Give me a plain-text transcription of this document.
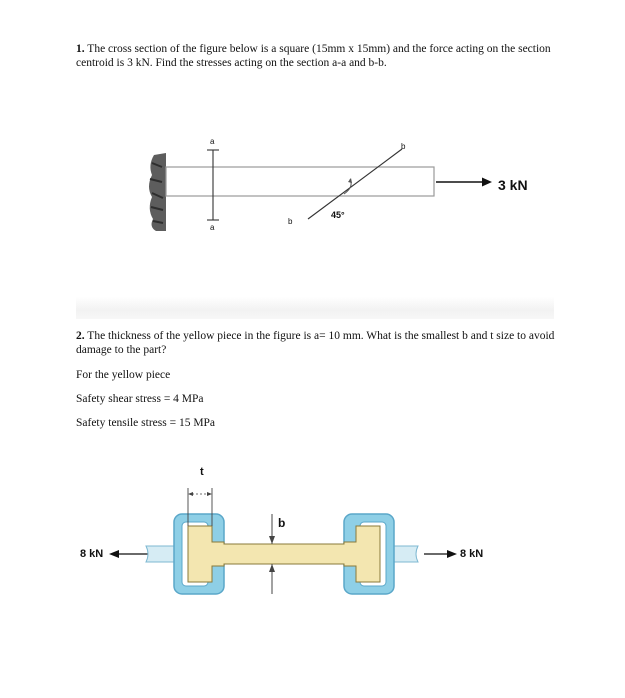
1. The cross section of the figure below is a square (15mm x 15mm) and the force acting on the section centroid is 3 kN. Find the stresses acting on the section a-a and b-b.
a
a
b
b
45°
3 kN
2. The thickness of the yellow piece in the figure is a= 10 mm. What is the smallest b and t size to avoid damage to the part?
For the yellow piece
Safety shear stress = 4 MPa
Safety tensile stress = 15 MPa
t
b
8 kN	8 kN
